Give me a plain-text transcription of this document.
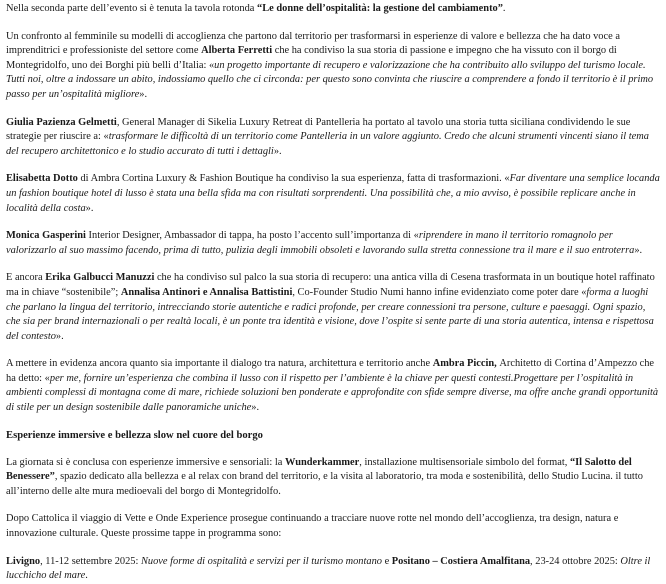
Nella seconda parte dell’evento si è tenuta la tavola rotonda “Le donne dell’ospitalità: la gestione del cambiamento”.

Un confronto al femminile su modelli di accoglienza che partono dal territorio per trasformarsi in esperienze di valore e bellezza che ha dato voce a imprenditrici e professioniste del settore come Alberta Ferretti che ha condiviso la sua storia di passione e impegno che ha vissuto con il borgo di Montegridolfo, uno dei Borghi più belli d’Italia: «un progetto importante di recupero e valorizzazione che ha contribuito allo sviluppo del turismo locale. Tutti noi, oltre a indossare un abito, indossiamo quello che ci circonda: per questo sono convinta che riuscire a comprendere a fondo il territorio è il primo passo per un’ospitalità migliore».

Giulia Pazienza Gelmetti, General Manager di Sikelia Luxury Retreat di Pantelleria ha portato al tavolo una storia tutta siciliana condividendo le sue strategie per riuscire a: «trasformare le difficoltà di un territorio come Pantelleria in un valore aggiunto. Credo che alcuni strumenti vincenti siano il tema del recupero architettonico e lo studio accurato di tutti i dettagli».

Elisabetta Dotto di Ambra Cortina Luxury & Fashion Boutique ha condiviso la sua esperienza, fatta di trasformazioni. «Far diventare una semplice locanda un fashion boutique hotel di lusso è stata una bella sfida ma con risultati sorprendenti. Una possibilità che, a mio avviso, è possibile replicare anche in località della costa».

Monica Gasperini Interior Designer, Ambassador di tappa, ha posto l’accento sull’importanza di «riprendere in mano il territorio romagnolo per valorizzarlo al suo massimo facendo, prima di tutto, pulizia degli immobili obsoleti e lavorando sulla stretta connessione tra il mare e il suo entroterra».

E ancora Erika Galbucci Manuzzi che ha condiviso sul palco la sua storia di recupero: una antica villa di Cesena trasformata in un boutique hotel raffinato ma in chiave “sostenibile”; Annalisa Antinori e Annalisa Battistini, Co-Founder Studio Numi hanno infine evidenziato come poter dare «forma a luoghi che parlano la lingua del territorio, intrecciando storie autentiche e radici profonde, per creare connessioni tra persone, culture e paesaggi. Ogni spazio, che sia per brand internazionali o per realtà locali, è un ponte tra identità e visione, dove l’ospite si sente parte di una storia autentica, intensa e rispettosa del contesto».

A mettere in evidenza ancora quanto sia importante il dialogo tra natura, architettura e territorio anche Ambra Piccin, Architetto di Cortina d’Ampezzo che ha detto: «per me, fornire un’esperienza che combina il lusso con il rispetto per l’ambiente è la chiave per questi contesti.Progettare per l’ospitalità in ambienti complessi di montagna come di mare, richiede soluzioni ben ponderate e approfondite con sfide sempre diverse, ma offre anche grandi opportunità di stile per un design sostenibile dalle panoramiche uniche».

Esperienze immersive e bellezza slow nel cuore del borgo

La giornata si è conclusa con esperienze immersive e sensoriali: la Wunderkammer, installazione multisensoriale simbolo del format, “Il Salotto del Benessere”, spazio dedicato alla bellezza e al relax con brand del territorio, e la visita al laboratorio, tra moda e sostenibilità, dello Studio Lucina. il tutto all’interno delle alte mura medioevali del borgo di Montegridolfo.

Dopo Cattolica il viaggio di Vette e Onde Experience prosegue continuando a tracciare nuove rotte nel mondo dell’accoglienza, tra design, natura e innovazione culturale. Queste prossime tappe in programma sono:

Livigno, 11-12 settembre 2025: Nuove forme di ospitalità e servizi per il turismo montano e Positano – Costiera Amalfitana, 23-24 ottobre 2025: Oltre il lucchicho del mare.
